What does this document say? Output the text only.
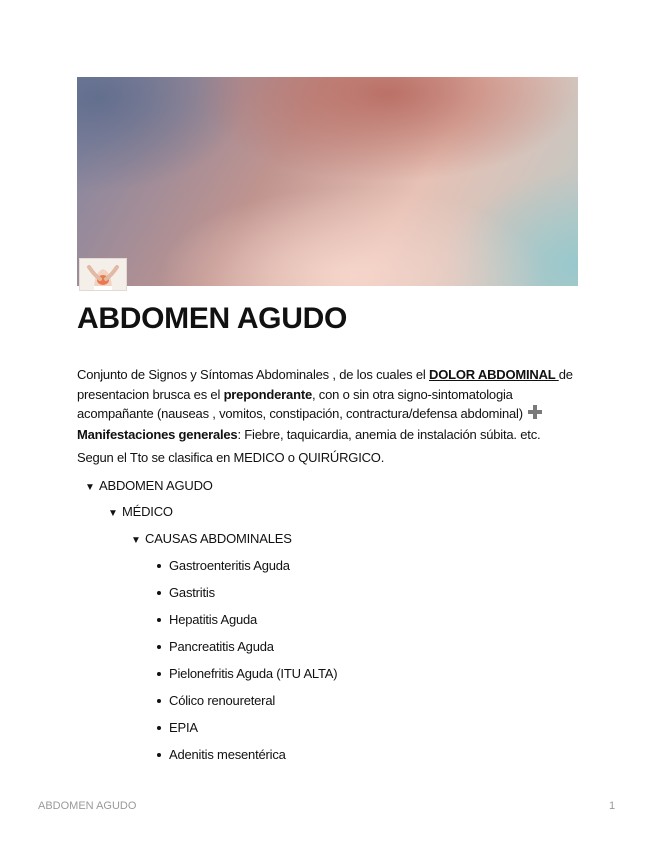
ABDOMEN AGUDO

Conjunto de Signos y Síntomas Abdominales , de los cuales el DOLOR ABDOMINAL de presentacion brusca es el preponderante, con o sin otra signo-sintomatologia acompañante (nauseas , vomitos, constipación, contractura/defensa abdominal)
Manifestaciones generales: Fiebre, taquicardia, anemia de instalación súbita. etc.

Segun el Tto se clasifica en MEDICO o QUIRÚRGICO.

▼ ABDOMEN AGUDO
▼ MÉDICO
▼ CAUSAS ABDOMINALES
Gastroenteritis Aguda
Gastritis
Hepatitis Aguda
Pancreatitis Aguda
Pielonefritis Aguda (ITU ALTA)
Cólico renoureteral
EPIA
Adenitis mesentérica
ABDOMEN AGUDO	1
